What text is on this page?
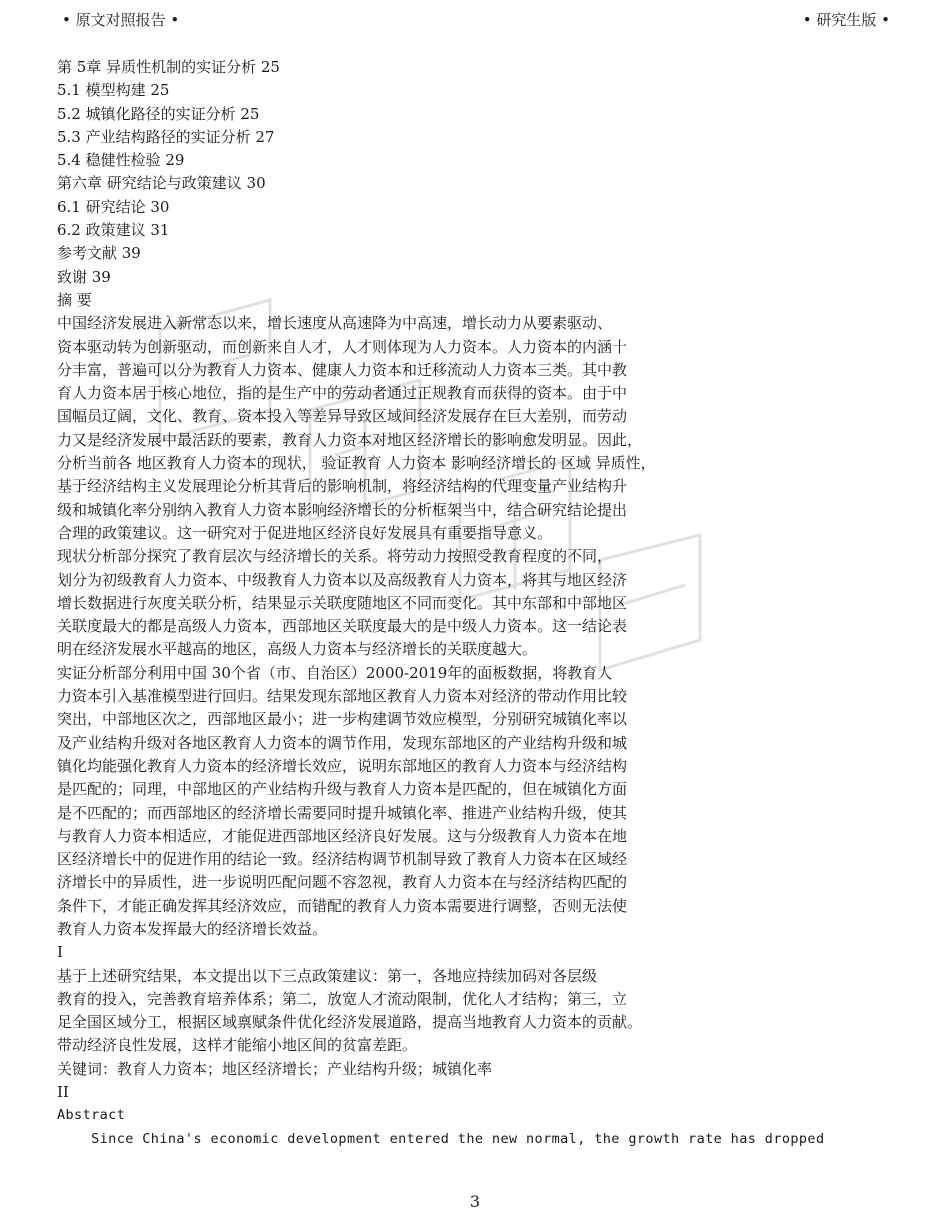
• 原文对照报告 •	• 研究生版 •
第 5章 异质性机制的实证分析 25
5.1 模型构建 25
5.2 城镇化路径的实证分析 25
5.3 产业结构路径的实证分析 27
5.4 稳健性检验 29
第六章 研究结论与政策建议 30
6.1 研究结论 30
6.2 政策建议 31
参考文献 39
致谢 39
摘 要
中国经济发展进入新常态以来，增长速度从高速降为中高速，增长动力从要素驱动、
资本驱动转为创新驱动，而创新来自人才，人才则体现为人力资本。人力资本的内涵十
分丰富，普遍可以分为教育人力资本、健康人力资本和迁移流动人力资本三类。其中教
育人力资本居于核心地位，指的是生产中的劳动者通过正规教育而获得的资本。由于中
国幅员辽阔，文化、教育、资本投入等差异导致区域间经济发展存在巨大差别，而劳动
力又是经济发展中最活跃的要素，教育人力资本对地区经济增长的影响愈发明显。因此，
分析当前各 地区教育人力资本的现状， 验证教育 人力资本 影响经济增长的 区域 异质性，
基于经济结构主义发展理论分析其背后的影响机制，将经济结构的代理变量产业结构升
级和城镇化率分别纳入教育人力资本影响经济增长的分析框架当中，结合研究结论提出
合理的政策建议。这一研究对于促进地区经济良好发展具有重要指导意义。
现状分析部分探究了教育层次与经济增长的关系。将劳动力按照受教育程度的不同，
划分为初级教育人力资本、中级教育人力资本以及高级教育人力资本，将其与地区经济
增长数据进行灰度关联分析，结果显示关联度随地区不同而变化。其中东部和中部地区
关联度最大的都是高级人力资本，西部地区关联度最大的是中级人力资本。这一结论表
明在经济发展水平越高的地区，高级人力资本与经济增长的关联度越大。
实证分析部分利用中国 30个省（市、自治区）2000-2019年的面板数据，将教育人
力资本引入基准模型进行回归。结果发现东部地区教育人力资本对经济的带动作用比较
突出，中部地区次之，西部地区最小；进一步构建调节效应模型，分别研究城镇化率以
及产业结构升级对各地区教育人力资本的调节作用，发现东部地区的产业结构升级和城
镇化均能强化教育人力资本的经济增长效应，说明东部地区的教育人力资本与经济结构
是匹配的；同理，中部地区的产业结构升级与教育人力资本是匹配的，但在城镇化方面
是不匹配的；而西部地区的经济增长需要同时提升城镇化率、推进产业结构升级，使其
与教育人力资本相适应，才能促进西部地区经济良好发展。这与分级教育人力资本在地
区经济增长中的促进作用的结论一致。经济结构调节机制导致了教育人力资本在区域经
济增长中的异质性，进一步说明匹配问题不容忽视，教育人力资本在与经济结构匹配的
条件下，才能正确发挥其经济效应，而错配的教育人力资本需要进行调整，否则无法使
教育人力资本发挥最大的经济增长效益。
I
基于上述研究结果，本文提出以下三点政策建议：第一，各地应持续加码对各层级
教育的投入，完善教育培养体系；第二，放宽人才流动限制，优化人才结构；第三，立
足全国区域分工，根据区域禀赋条件优化经济发展道路，提高当地教育人力资本的贡献。
带动经济良性发展，这样才能缩小地区间的贫富差距。
关键词：教育人力资本；地区经济增长；产业结构升级；城镇化率
II
Abstract
Since China's economic development entered the new normal, the growth rate has dropped
3
